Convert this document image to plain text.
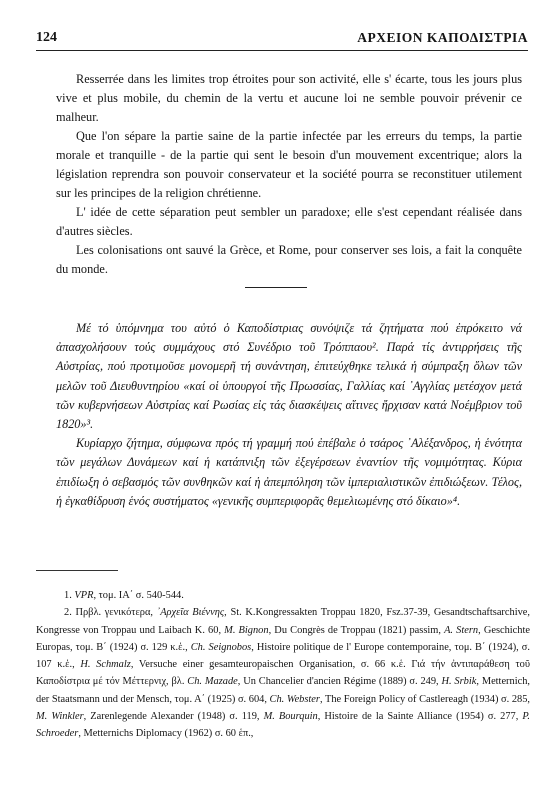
124	ΑΡΧΕΙΟΝ ΚΑΠΟΔΙΣΤΡΙΑ

Resserrée dans les limites trop étroites pour son activité, elle s' écarte, tous les jours plus vive et plus mobile, du chemin de la vertu et aucune loi ne semble pouvoir prévenir ce malheur.

Que l'on sépare la partie saine de la partie infectée par les erreurs du temps, la partie morale et tranquille - de la partie qui sent le besoin d'un mouvement excentrique; alors la législation reprendra son pouvoir conservateur et la société pourra se reconstituer utilement sur les principes de la religion chrétienne.

L' idée de cette séparation peut sembler un paradoxe; elle s'est cependant réalisée dans d'autres siècles.

Les colonisations ont sauvé la Grèce, et Rome, pour conserver ses lois, a fait la conquête du monde.

Μέ τό ὑπόμνημα του αὐτό ὁ Καποδίστριας συνόψιζε τά ζητήματα πού ἐπρόκειτο νά ἀπασχολήσουν τούς συμμάχους στό Συνέδριο τοῦ Τρόππαου². Παρά τίς ἀντιρρήσεις τῆς Αὐστρίας, πού προτιμοῦσε μονομερῆ τή συνάντηση, ἐπιτεύχθηκε τελικά ἡ σύμπραξη ὅλων τῶν μελῶν τοῦ Διευθυντηρίου «καί οἱ ὑπουργοί τῆς Πρωσσίας, Γαλλίας καί ᾿Αγγλίας μετέσχον μετά τῶν κυβερνήσεων Αὐστρίας καί Ρωσίας εἰς τάς διασκέψεις αἵτινες ἤρχισαν κατά Νοέμβριον τοῦ 1820»³.

Κυρίαρχο ζήτημα, σύμφωνα πρός τή γραμμή πού ἐπέβαλε ὁ τσάρος ᾿Αλέξανδρος, ἡ ἑνότητα τῶν μεγάλων Δυνάμεων καί ἡ κατάπνιξη τῶν ἐξεγέρσεων ἐναντίον τῆς νομιμότητας. Κύρια ἐπιδίωξη ὁ σεβασμός τῶν συνθηκῶν καί ἡ ἀπεμπόληση τῶν ἰμπεριαλιστικῶν ἐπιδιώξεων. Τέλος, ἡ ἐγκαθίδρυση ἑνός συστήματος «γενικῆς συμπεριφορᾶς θεμελιωμένης στό δίκαιο»⁴.

1. VPR, τομ. ΙΑ΄ σ. 540-544.

2. Πρβλ. γενικότερα, ᾿Αρχεῖα Βιέννης, St. K.Kongressakten Troppau 1820, Fsz.37-39, Gesandtschaftsarchive, Kongresse von Troppau und Laibach K. 60, M. Bignon, Du Congrès de Troppau (1821) passim, A. Stern, Geschichte Europas, τομ. Β΄ (1924) σ. 129 κ.ἑ., Ch. Seignobos, Histoire politique de l' Europe contemporaine, τομ. Β΄ (1924), σ. 107 κ.ἑ., H. Schmalz, Versuche einer gesamteuropaischen Organisation, σ. 66 κ.ἑ. Γιά τήν ἀντιπαράθεση τοῦ Καποδίστρια μέ τόν Μέττερνιχ, βλ. Ch. Mazade, Un Chancelier d'ancien Régime (1889) σ. 249, H. Srbik, Metternich, der Staatsmann und der Mensch, τομ. Α΄ (1925) σ. 604, Ch. Webster, The Foreign Policy of Castlereagh (1934) σ. 285, M. Winkler, Zarenlegende Alexander (1948) σ. 119, M. Bourquin, Histoire de la Sainte Alliance (1954) σ. 277, P. Schroeder, Metternichs Diplomacy (1962) σ. 60 ἑπ.,
